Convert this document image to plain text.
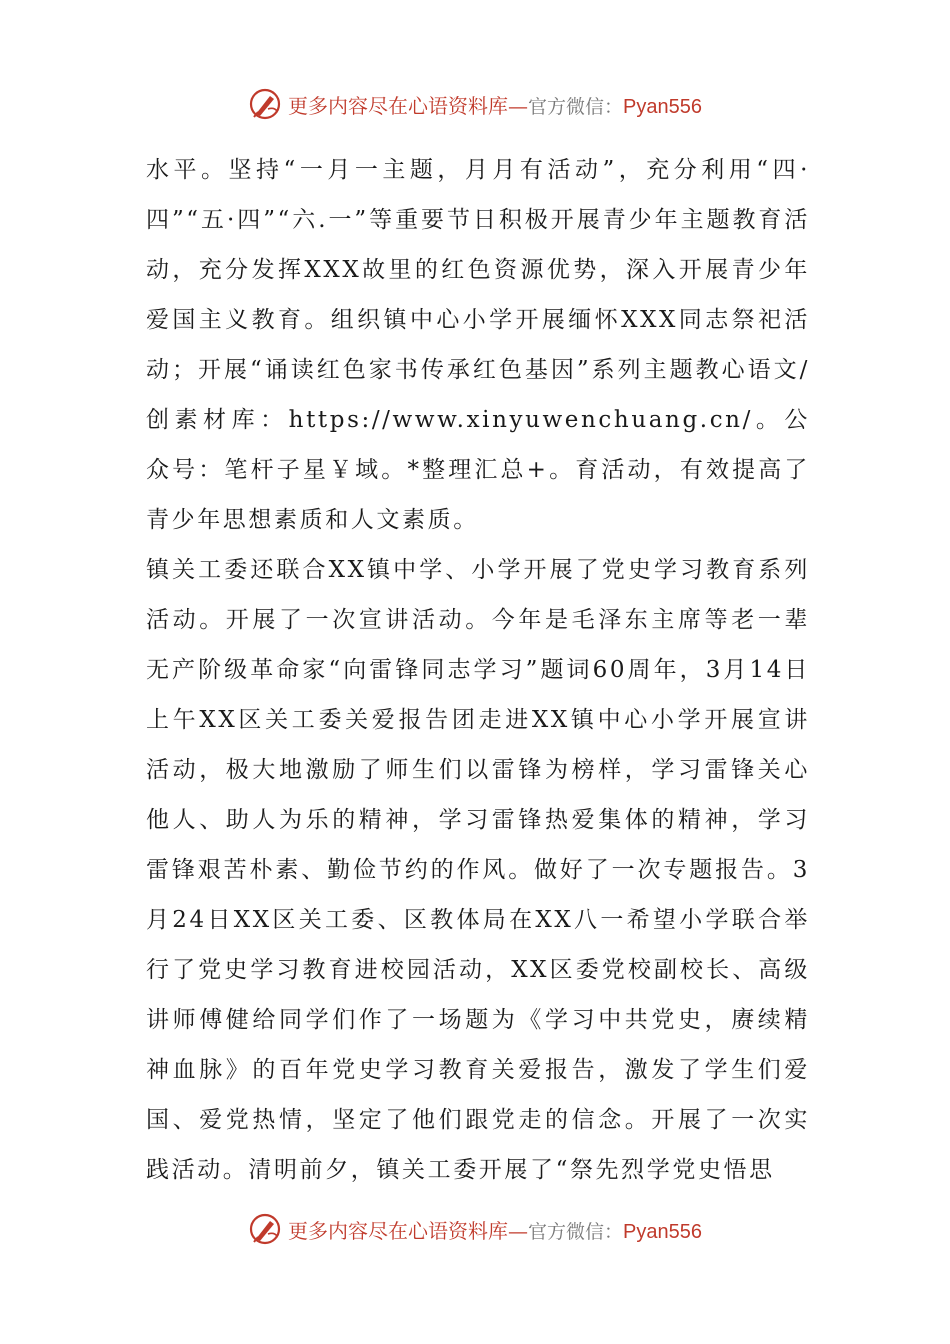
更多内容尽在心语资料库—官方微信：Pyan556

水平。坚持“一月一主题，月月有活动”，充分利用“四·四”“五·四”“六.一”等重要节日积极开展青少年主题教育活动，充分发挥XXX故里的红色资源优势，深入开展青少年爱国主义教育。组织镇中心小学开展缅怀XXX同志祭祀活动；开展“诵读红色家书传承红色基因”系列主题教心语文/创素材库：https://www.xinyuwenchuang.cn/。公众号：笔杆子星￥域。*整理汇总+。育活动，有效提高了青少年思想素质和人文素质。

镇关工委还联合XX镇中学、小学开展了党史学习教育系列活动。开展了一次宣讲活动。今年是毛泽东主席等老一辈无产阶级革命家“向雷锋同志学习”题词60周年，3月14日上午XX区关工委关爱报告团走进XX镇中心小学开展宣讲活动，极大地激励了师生们以雷锋为榜样，学习雷锋关心他人、助人为乐的精神，学习雷锋热爱集体的精神，学习雷锋艰苦朴素、勤俭节约的作风。做好了一次专题报告。3月24日XX区关工委、区教体局在XX八一希望小学联合举行了党史学习教育进校园活动，XX区委党校副校长、高级讲师傅健给同学们作了一场题为《学习中共党史，赓续精神血脉》的百年党史学习教育关爱报告，激发了学生们爱国、爱党热情，坚定了他们跟党走的信念。开展了一次实践活动。清明前夕，镇关工委开展了“祭先烈学党史悟思

更多内容尽在心语资料库—官方微信：Pyan556
